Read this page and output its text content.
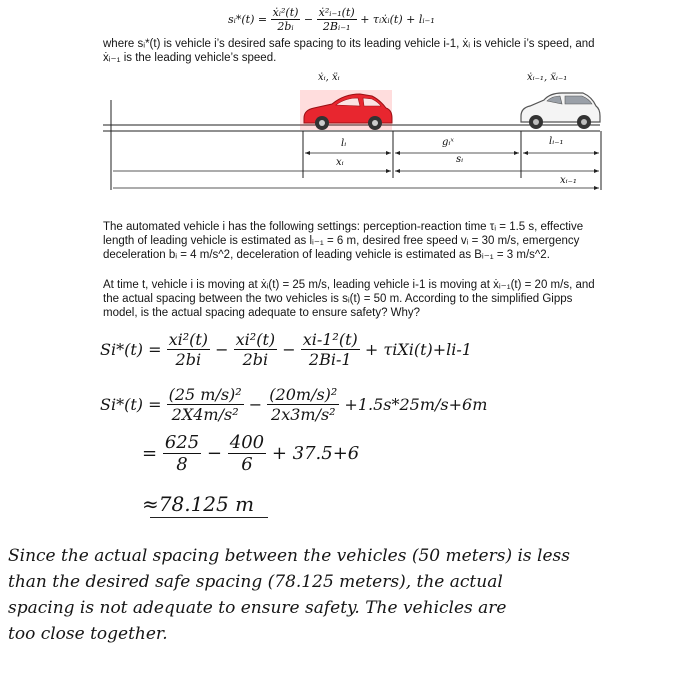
sᵢ*(t) = $\frac{\text{ẋᵢ²(t)}}{\text{2bᵢ}} - \frac{\text{ẋ²ᵢ₋₁(t)}}{\text{2Bᵢ₋₁}}$ + τᵢẋᵢ(t) + lᵢ₋₁
where sᵢ*(t) is vehicle i’s desired safe spacing to its leading vehicle i-1, ẋᵢ is vehicle i’s speed, and ẋᵢ₋₁ is the leading vehicle’s speed.
ẋᵢ, ẍᵢ	ẋᵢ₋₁, ẍᵢ₋₁
lᵢ	gᵢˣ	lᵢ₋₁
xᵢ	sᵢ
xᵢ₋₁
The automated vehicle i has the following settings: perception-reaction time τᵢ = 1.5 s, effective length of leading vehicle is estimated as lᵢ₋₁ = 6 m, desired free speed vᵢ = 30 m/s, emergency deceleration bᵢ = 4 m/s^2, deceleration of leading vehicle is estimated as Bᵢ₋₁ = 3 m/s^2.
At time t, vehicle i is moving at ẋᵢ(t) = 25 m/s, leading vehicle i-1 is moving at ẋᵢ₋₁(t) = 20 m/s, and the actual spacing between the two vehicles is sᵢ(t) = 50 m. According to the simplified Gipps model, is the actual spacing adequate to ensure safety? Why?
$Si*(t) = \frac{\text{xi²(t)}}{2bi} - \frac{\text{xi²(t)}}{2bi} - \frac{\text{xi-1²(t)}}{2Bi-1} + \tau iXi(t)+li-1$
$Si*(t) = \frac{\text{(25 m/s)²}}{\text{2X4m/s²}} - \frac{\text{(20m/s)²}}{\text{2x3m/s²}} +1.5s*25m/s+6m$
= $\frac{625}{8} - \frac{400}{6} + 37.5+6$
≈78.125 m
Since the actual spacing between the vehicles (50 meters) is less
than the desired safe spacing (78.125 meters), the actual
spacing is not adequate to ensure safety. The vehicles are
too close together.
